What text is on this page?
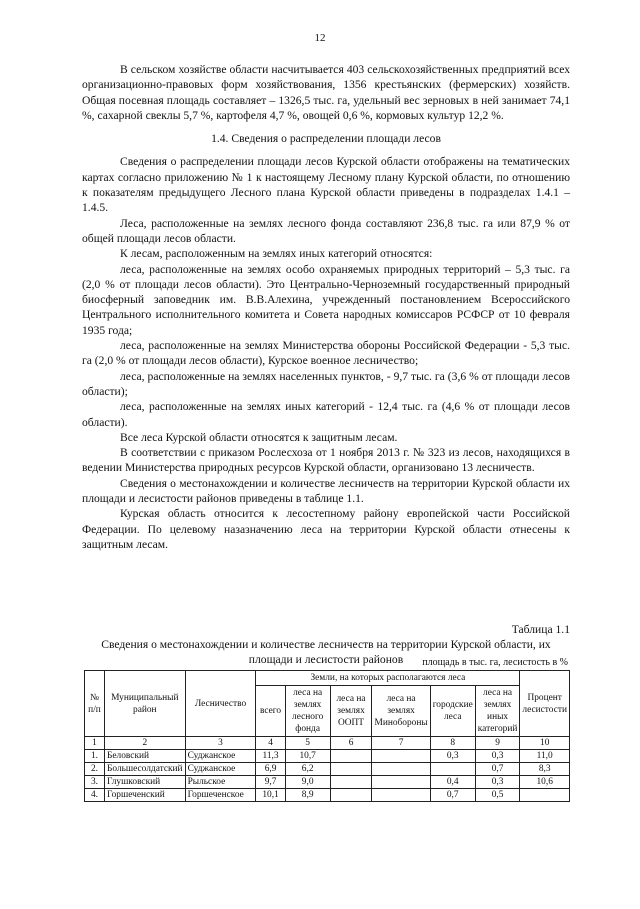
12

В сельском хозяйстве области насчитывается 403 сельскохозяйственных предприятий всех организационно-правовых форм хозяйствования, 1356 крестьянских (фермерских) хозяйств. Общая посевная площадь составляет – 1326,5 тыс. га, удельный вес зерновых в ней занимает 74,1 %, сахарной свеклы 5,7 %, картофеля 4,7 %, овощей 0,6 %, кормовых культур 12,2 %.

1.4. Сведения о распределении площади лесов

Сведения о распределении площади лесов Курской области отображены на тематических картах согласно приложению № 1 к настоящему Лесному плану Курской области, по отношению к показателям предыдущего Лесного плана Курской области приведены в подразделах 1.4.1 – 1.4.5.

Леса, расположенные на землях лесного фонда составляют 236,8 тыс. га или 87,9 % от общей площади лесов области.

К лесам, расположенным на землях иных категорий относятся:

леса, расположенные на землях особо охраняемых природных территорий – 5,3 тыс. га (2,0 % от площади лесов области). Это Центрально-Черноземный государственный природный биосферный заповедник им. В.В.Алехина, учрежденный постановлением Всероссийского Центрального исполнительного комитета и Совета народных комиссаров РСФСР от 10 февраля 1935 года;

леса, расположенные на землях Министерства обороны Российской Федерации - 5,3 тыс. га (2,0 % от площади лесов области), Курское военное лесничество;

леса, расположенные на землях населенных пунктов, - 9,7 тыс. га (3,6 % от площади лесов области);

леса, расположенные на землях иных категорий - 12,4 тыс. га (4,6 % от площади лесов области).

Все леса Курской области относятся к защитным лесам.

В соответствии с приказом Рослесхоза от 1 ноября 2013 г. № 323 из лесов, находящихся в ведении Министерства природных ресурсов Курской области, организовано 13 лесничеств.

Сведения о местонахождении и количестве лесничеств на территории Курской области их площади и лесистости районов приведены в таблице 1.1.

Курская область относится к лесостепному району европейской части Российской Федерации. По целевому назазначению леса на территории Курской области отнесены к защитным лесам.

Таблица 1.1
Сведения о местонахождении и количестве лесничеств на территории Курской области, их площади и лесистости районов	площадь в тыс. га, лесистость в %
№ п/п	Муниципальный район	Лесничество	Земли, на которых располагаются леса						Процент лесистости
			всего	леса на землях лесного фонда	леса на землях ООПТ	леса на землях Минобороны	городские леса	леса на землях иных категорий	
1	2	3	4	5	6	7	8	9	10
1.	Беловский	Суджанское	11,3	10,7			0,3	0,3	11,0
2.	Большесолдатский	Суджанское	6,9	6,2				0,7	8,3
3.	Глушковский	Рыльское	9,7	9,0			0,4	0,3	10,6
4.	Горшеченский	Горшеченское	10,1	8,9			0,7	0,5	
